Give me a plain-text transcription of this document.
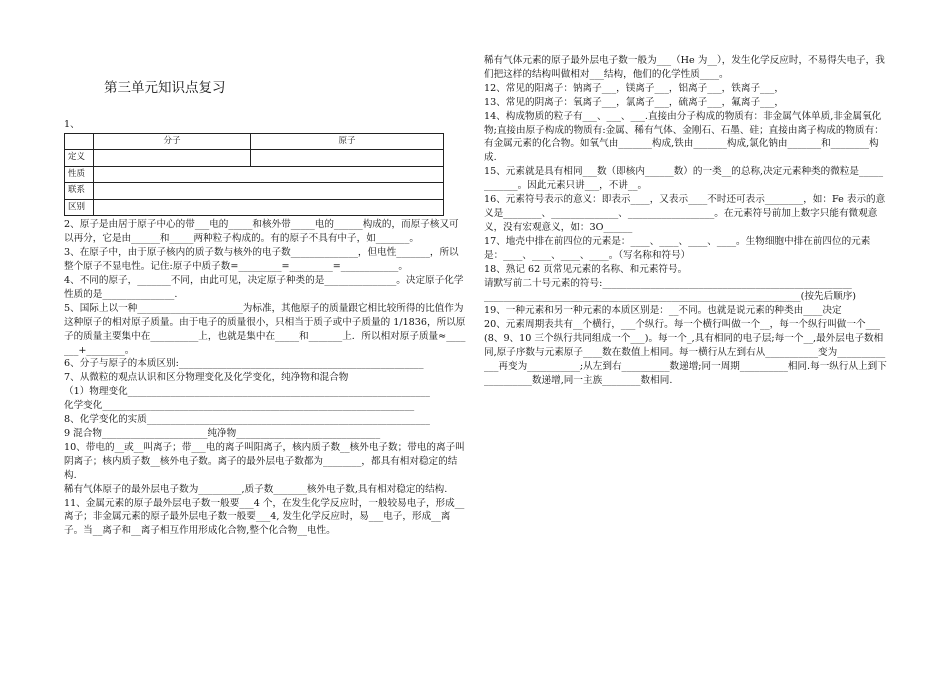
第三单元知识点复习
1、
	分子	原子
定义		
性质		
联系		
区别		
2、原子是由居于原子中心的带___电的_____和核外带_____电的______构成的，而原子核又可以再分，它是由______和_____两种粒子构成的。有的原子不具有中子，如_______。
3、在原子中，由于原子核内的质子数与核外的电子数______________，但电性_______，所以整个原子不显电性。记住:原子中质子数=_________=_________=____________。
4、不同的原子，_______不同，由此可见，决定原子种类的是_______________。决定原子化学性质的是_______________.
5、国际上以一种______________________为标准，其他原子的质量跟它相比较所得的比值作为这种原子的相对原子质量。由于电子的质量很小，只相当于质子或中子质量的 1/1836，所以原子的质量主要集中在__________上，也就是集中在_____和_______上．所以相对原子质量≈_______+________。
6、分子与原子的本质区别:___________________________________________________
7、从微粒的观点认识和区分物理变化及化学变化，纯净物和混合物
（1）物理变化_______________________________________________________________
化学变化_________________________________________________________________
8、化学变化的实质___________________________________________________________
9 混合物______________________纯净物______________________________
10、带电的__或__叫离子；带___电的离子叫阳离子，核内质子数__核外电子数；带电的离子叫阴离子；核内质子数__核外电子数。离子的最外层电子数都为________，都具有相对稳定的结构.
稀有气体原子的最外层电子数为_________,质子数_______核外电子数,具有相对稳定的结构.
11、金属元素的原子最外层电子数一般要___4 个，在发生化学反应时，一般较易电子，形成__离子；非金属元素的原子最外层电子数一般要___4, 发生化学反应时，易___电子，形成__离子。当__离子和__离子相互作用形成化合物,整个化合物__电性。
稀有气体元素的原子最外层电子数一般为___（He 为__），发生化学反应时，不易得失电子，我们把这样的结构叫做相对___结构，他们的化学性质____。
12、常见的阳离子：钠离子___，镁离子___，铝离子___，铁离子___，
13、常见的阴离子：氧离子___，氯离子___，硫离子___，氟离子___，
14、构成物质的粒子有___、___、___.直接由分子构成的物质有：非金属气体单质,非金属氧化物;直接由原子构成的物质有:金属、稀有气体、金刚石、石墨、硅；直接由离子构成的物质有：有金属元素的化合物。如氧气由_______构成,铁由_______构成,氯化钠由_______和________构成.
15、元素就是具有相同___数（即核内______数）的一类__的总称,决定元素种类的微粒是____________。因此元素只讲___，不讲__。
16、元素符号表示的意义：即表示____，又表示____不时还可表示________，如：Fe 表示的意义是________、______________、__________________。在元素符号前加上数字只能有微观意义，没有宏观意义，如：3O______
17、地壳中排在前四位的元素是：____、____、____、____。生物细胞中排在前四位的元素是：____、____、____、____。（写名称和符号）
18、熟记 62 页常见元素的名称、和元素符号。
请默写前二十号元素的符号:____________________________________________________
__________________________________________________________________(按先后顺序)
19、一种元素和另一种元素的本质区别是：__不同。也就是说元素的种类由____决定
20、元素周期表共有__个横行，___个纵行。每一个横行叫做一个__，每一个纵行叫做一个___(8、9、10 三个纵行共同组成一个___)。每一个_,具有相同的电子层;每一个__,最外层电子数相同,原子序数与元素原子____数在数值上相同。每一横行从左到右从___________变为_____________再变为___________;从左到右__________数递增;同一周期__________相同.每一纵行从上到下__________数递增,同一主族________数相同.
